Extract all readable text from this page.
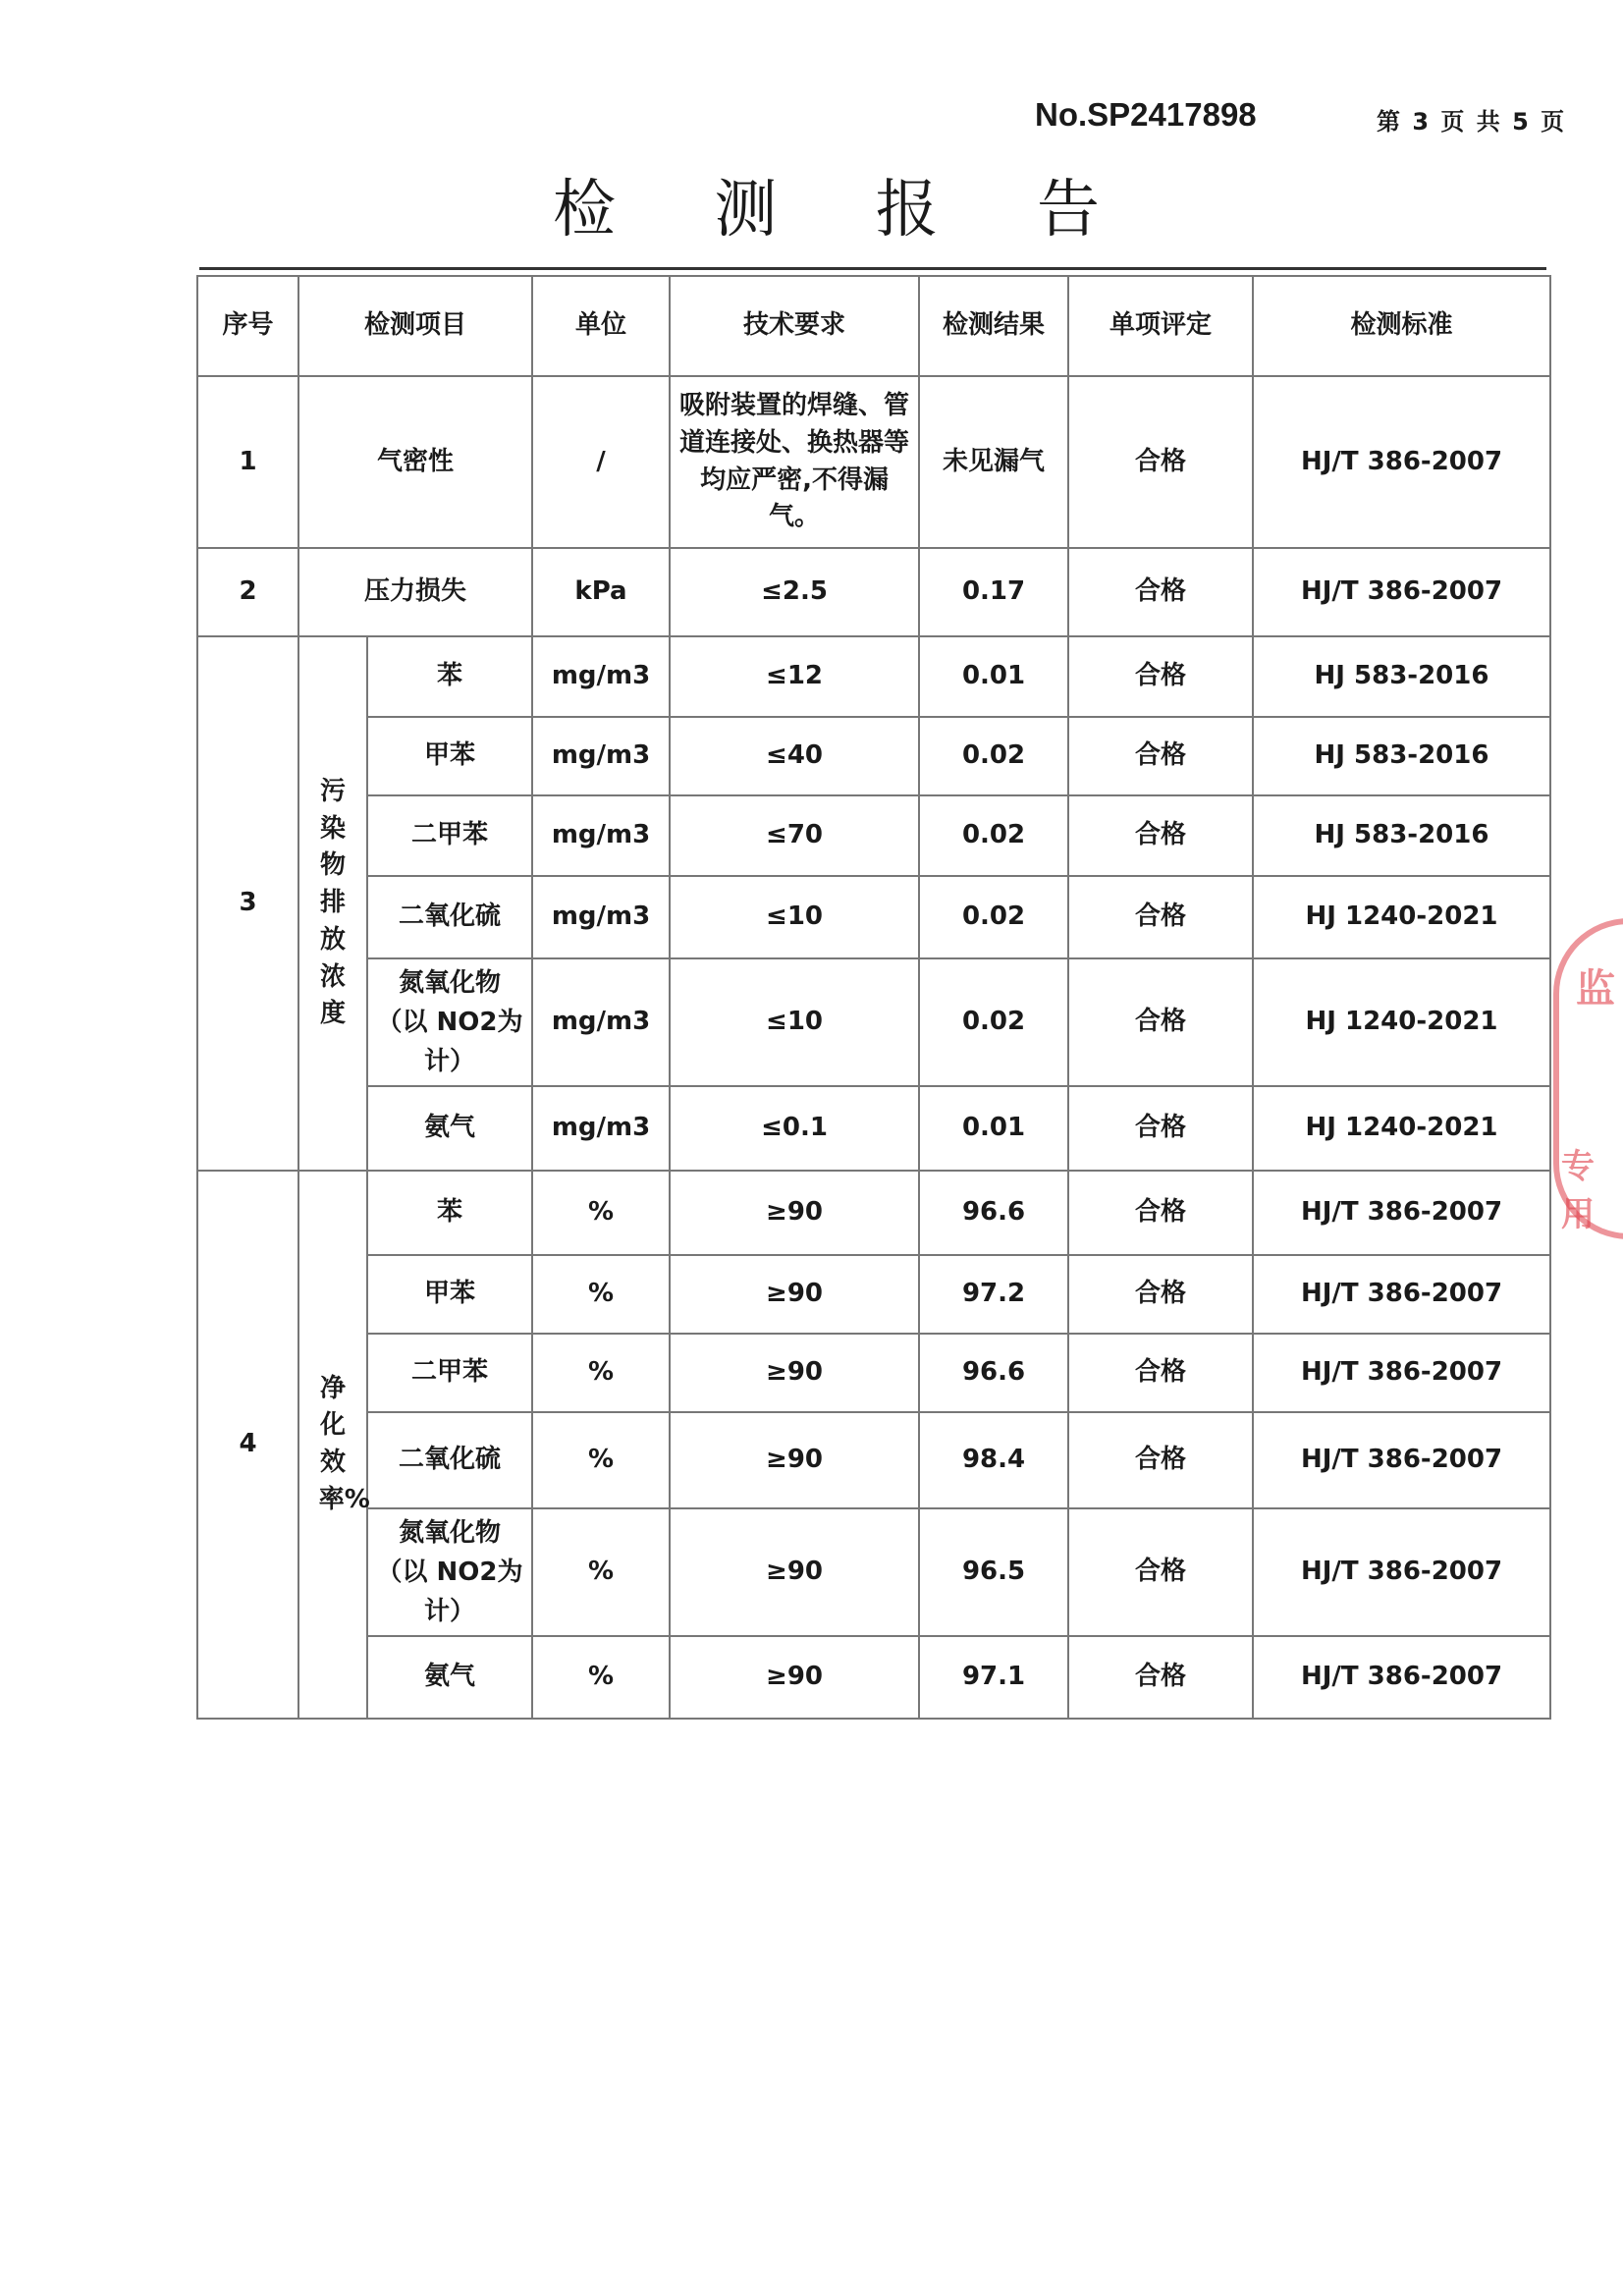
No.SP2417898	第 3 页 共 5 页
检 测 报 告
序号	检测项目		单位	技术要求	检测结果	单项评定	检测标准
1	气密性		/	吸附装置的焊缝、管道连接处、换热器等均应严密,不得漏气。	未见漏气	合格	HJ/T 386-2007
2	压力损失		kPa	≤2.5	0.17	合格	HJ/T 386-2007
3	污染物排放浓度	苯	mg/m3	≤12	0.01	合格	HJ 583-2016
		甲苯	mg/m3	≤40	0.02	合格	HJ 583-2016
		二甲苯	mg/m3	≤70	0.02	合格	HJ 583-2016
		二氧化硫	mg/m3	≤10	0.02	合格	HJ 1240-2021
		氮氧化物（以 NO2为计）	mg/m3	≤10	0.02	合格	HJ 1240-2021
		氨气	mg/m3	≤0.1	0.01	合格	HJ 1240-2021
4	净化效率%	苯	%	≥90	96.6	合格	HJ/T 386-2007
		甲苯	%	≥90	97.2	合格	HJ/T 386-2007
		二甲苯	%	≥90	96.6	合格	HJ/T 386-2007
		二氧化硫	%	≥90	98.4	合格	HJ/T 386-2007
		氮氧化物（以 NO2为计）	%	≥90	96.5	合格	HJ/T 386-2007
		氨气	%	≥90	97.1	合格	HJ/T 386-2007
监
专用
